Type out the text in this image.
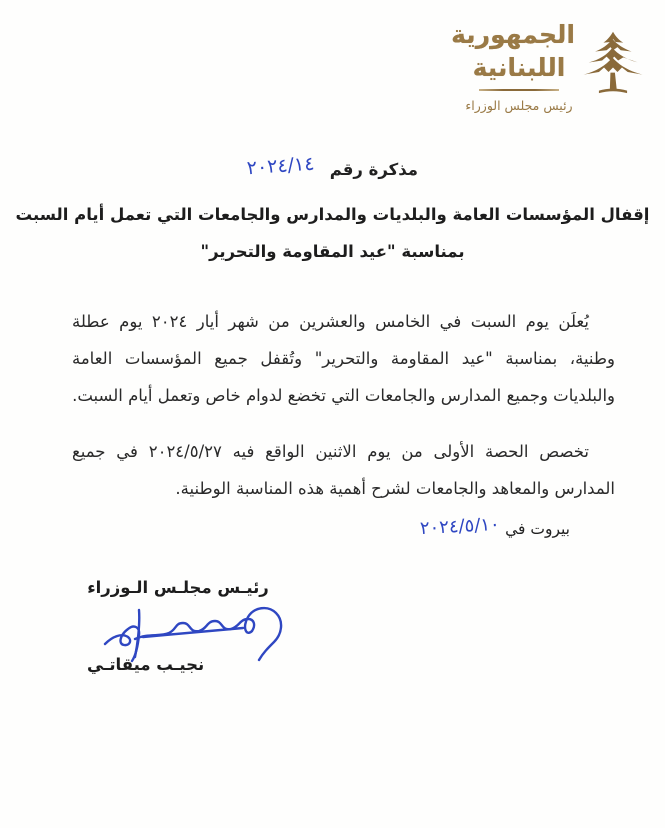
الجمهورية
اللبنانية
رئيس مجلس الوزراء
مذكرة رقم ٢٠٢٤/١٤
إقفال المؤسسات العامة والبلديات والمدارس والجامعات التي تعمل أيام السبت
بمناسبة "عيد المقاومة والتحرير"

يُعلَن يوم السبت في الخامس والعشرين من شهر أيار ٢٠٢٤ يوم عطلة وطنية، بمناسبة "عيد المقاومة والتحرير" وتُقفل جميع المؤسسات العامة والبلديات وجميع المدارس والجامعات التي تخضع لدوام خاص وتعمل أيام السبت.

تخصص الحصة الأولى من يوم الاثنين الواقع فيه ٢٠٢٤/٥/٢٧ في جميع المدارس والمعاهد والجامعات لشرح أهمية هذه المناسبة الوطنية.

بيروت في ٢٠٢٤/٥/١٠
رئيـس مجلـس الـوزراء
نجيـب ميقاتـي
